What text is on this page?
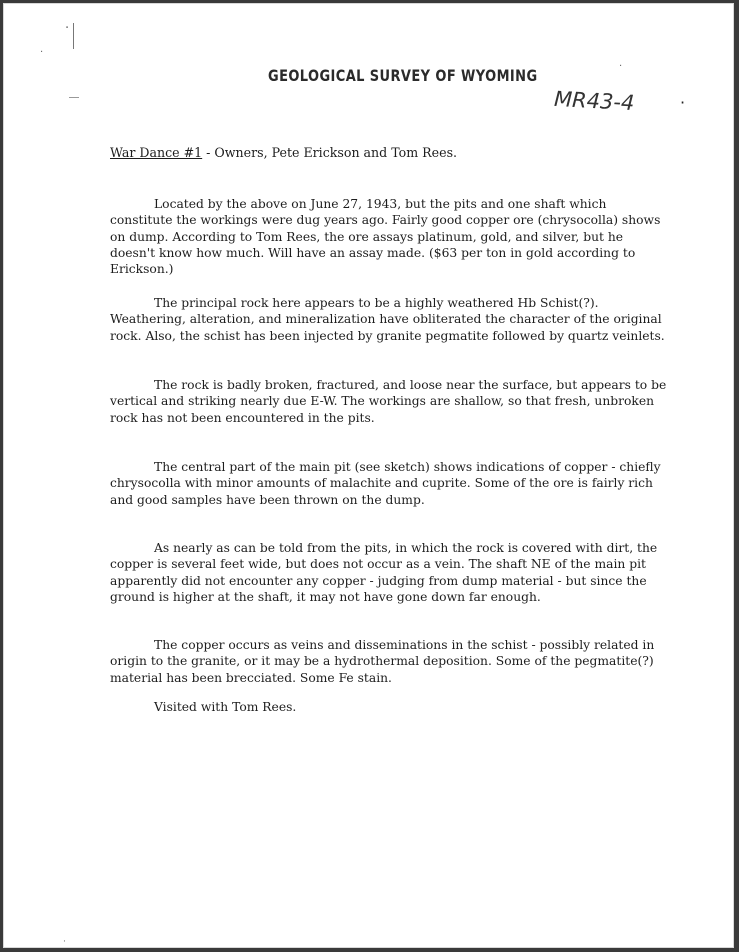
·
·
·
·
GEOLOGICAL SURVEY OF WYOMING
MR43-4
War Dance #1 - Owners, Pete Erickson and Tom Rees.

Located by the above on June 27, 1943, but the pits and one shaft which constitute the workings were dug years ago. Fairly good copper ore (chrysocolla) shows on dump. According to Tom Rees, the ore assays platinum, gold, and silver, but he doesn't know how much. Will have an assay made. ($63 per ton in gold according to Erickson.)

The principal rock here appears to be a highly weathered Hb Schist(?). Weathering, alteration, and mineralization have obliterated the character of the original rock. Also, the schist has been injected by granite pegmatite followed by quartz veinlets.

The rock is badly broken, fractured, and loose near the surface, but appears to be vertical and striking nearly due E-W. The workings are shallow, so that fresh, unbroken rock has not been encountered in the pits.

The central part of the main pit (see sketch) shows indications of copper - chiefly chrysocolla with minor amounts of malachite and cuprite. Some of the ore is fairly rich and good samples have been thrown on the dump.

As nearly as can be told from the pits, in which the rock is covered with dirt, the copper is several feet wide, but does not occur as a vein. The shaft NE of the main pit apparently did not encounter any copper - judging from dump material - but since the ground is higher at the shaft, it may not have gone down far enough.

The copper occurs as veins and disseminations in the schist - possibly related in origin to the granite, or it may be a hydrothermal deposition. Some of the pegmatite(?) material has been brecciated. Some Fe stain.

Visited with Tom Rees.
·
